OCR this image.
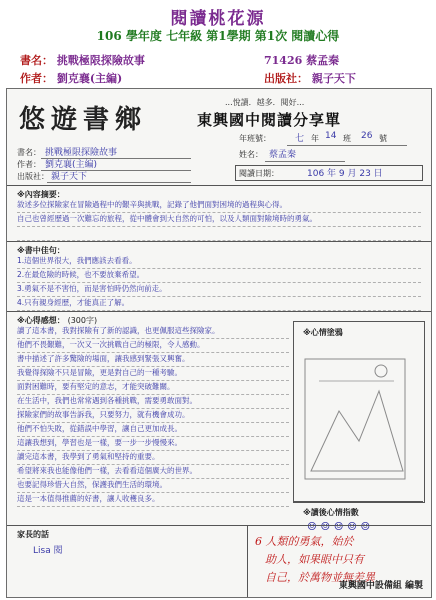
閱讀桃花源
106 學年度 七年級 第1學期 第1次 閱讀心得
書名： 挑戰極限探險故事	71426 蔡孟秦
作者： 劉克襄(主編)	出版社： 親子天下
悠遊書鄉
...悅讀．越多．閱好...
東興國中閱讀分享單
年班號：	七 年 14 班 26 號
姓名： 蔡孟秦
閱讀日期：	106 年 9 月 23 日
書名： 挑戰極限探險故事
作者： 劉克襄(主編)
出版社： 親子天下
※內容摘要：
敘述多位探險家在冒險過程中的艱辛與挑戰，記錄了他們面對困境的過程與心得。
自己也曾經歷過一次難忘的旅程，從中體會到大自然的可怕，以及人類面對險境時的勇氣。
※書中佳句：
1.這個世界很大，我們應該去看看。
2.在最危險的時候，也不要放棄希望。
3.勇氣不是不害怕，而是害怕時仍然向前走。
4.只有親身經歷，才能真正了解。
※心得感想： (300字)
讀了這本書，我對探險有了新的認識，也更佩服這些探險家。
他們不畏艱難，一次又一次挑戰自己的極限，令人感動。
書中描述了許多驚險的場面，讓我感到緊張又興奮。
我覺得探險不只是冒險，更是對自己的一種考驗。
面對困難時，要有堅定的意志，才能突破難關。
在生活中，我們也常常遇到各種挑戰，需要勇敢面對。
探險家們的故事告訴我，只要努力，就有機會成功。
他們不怕失敗，從錯誤中學習，讓自己更加成長。
這讓我想到，學習也是一樣，要一步一步慢慢來。
讀完這本書，我學到了勇氣和堅持的重要。
希望將來我也能像他們一樣，去看看這個廣大的世界。
也要記得珍惜大自然，保護我們生活的環境。
這是一本值得推薦的好書，讓人收穫良多。
※心情塗鴉
※讀後心情指數
☺ ☺ ☺ ☺ ☺
家長的話
Lisa 閱
6 人類的勇氣，始於
助人，如果眼中只有
自己，於萬物並無差異
東興國中設備組 編製
